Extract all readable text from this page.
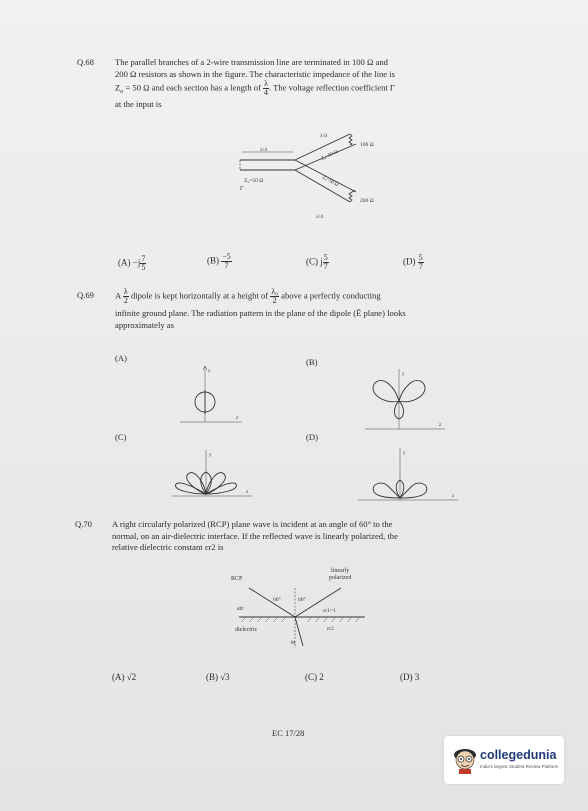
Q.68 The parallel branches of a 2-wire transmission line are terminated in 100 Ω and
200 Ω resistors as shown in the figure. The characteristic impedance of the line is
$Z_o = 50$ Ω and each section has a length of $\frac{\lambda}{4}$ . The voltage reflection coefficient Γ
at the input is
λ/4
Z₀=50 Ω
Γ
λ/4
Z₀=50 Ω
Z₀=50 Ω
λ/4
100 Ω
200 Ω
$(A) -j \frac{7}{5}$	$(B) \frac{-5}{7}$	(C) j $\frac{5}{7}$	$(D) \frac{5}{7}$
Q.69 A $\frac{\lambda}{2}$ dipole is kept horizontally at a height of $\frac{\text{λ₀}}{2}$ above a perfectly conducting
infinite ground plane. The radiation pattern in the plane of the dipole (Ē plane) looks
approximately as
(A)	(B)
(C)	(D)
y
z
y
z
y
z
y
z
Q.70 A right circularly polarized (RCP) plane wave is incident at an angle of 60° to the
normal, on an air-dielectric interface. If the reflected wave is linearly polarized, the
relative dielectric constant εr2 is
RCP
linearly
polarized
60°	60°
air
dielectric
εr1=1
εr2
θt
(A) √2	(B) √3	(C) 2	(D) 3
EC 17/28
collegedunia
India's largest Student Review Platform
